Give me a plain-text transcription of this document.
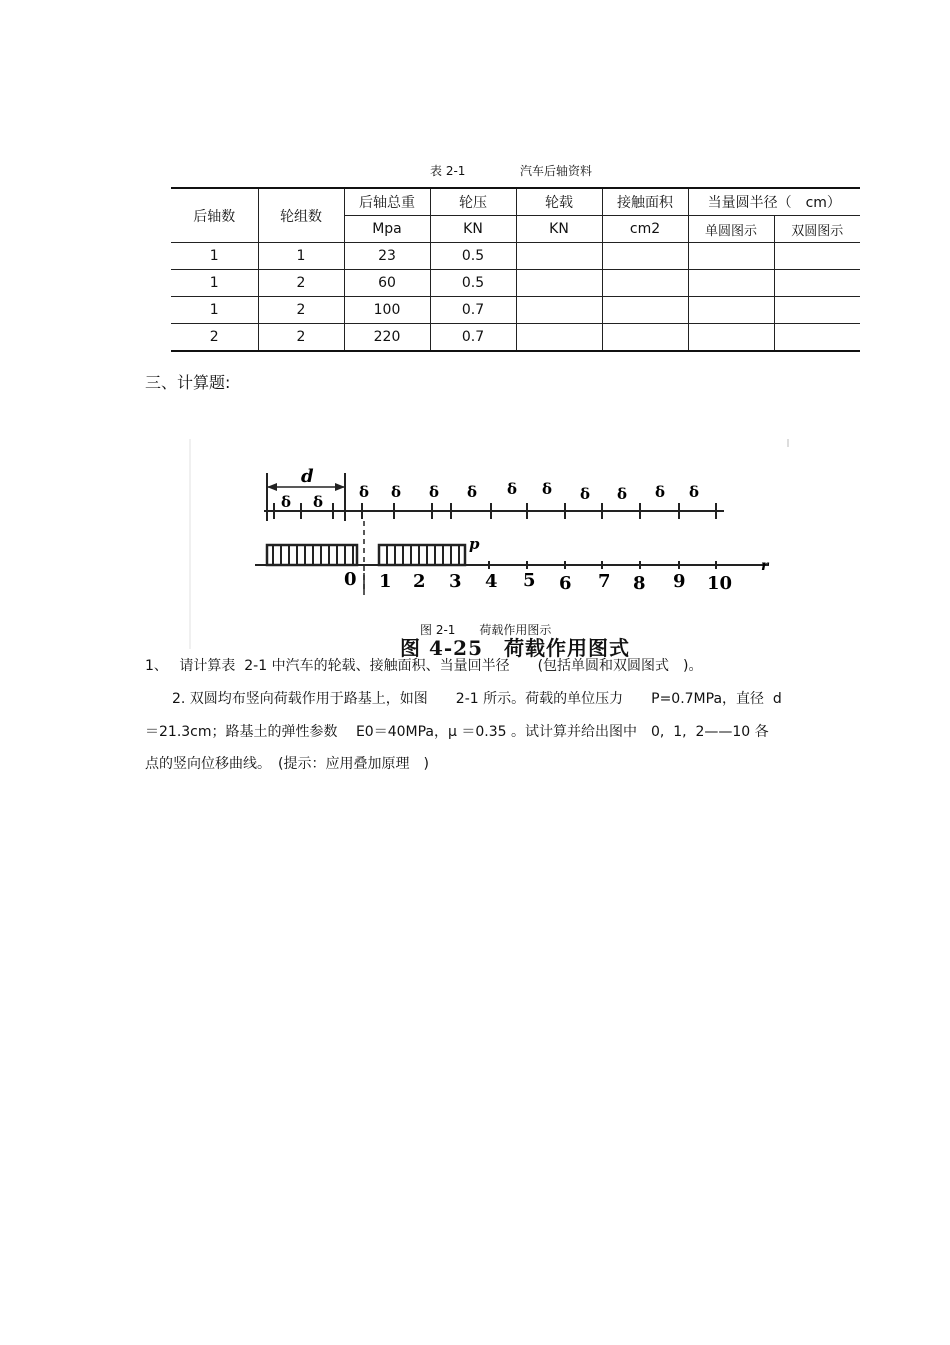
表 2-1	汽车后轴资料
后轴数	轮组数	后轴总重	轮压	轮载	接触面积	当量圆半径（　cm）	
		Mpa	KN	KN	cm2	单圆图示	双圆图示
1	1	23	0.5				
1	2	60	0.5				
1	2	100	0.7				
2	2	220	0.7				
三、计算题:
d
δ δ
δ δ δ δ δ δ δ δ δ δ
p
r
0 1 2 3 4 5 6 7 8 9 10
图 2-1　　荷载作用图示
图 4-25　荷载作用图式
1、　 请计算表  2-1 中汽车的轮载、接触面积、当量回半径　　(包括单圆和双圆图式　)。
2. 双圆均布竖向荷载作用于路基上，如图　　2-1 所示。荷载的单位压力　　P=0.7MPa，直径  d
＝21.3cm；路基土的弹性参数　 E0＝40MPa，μ ＝0.35 。试计算并给出图中　0,  1,  2——10 各
点的竖向位移曲线。　(提示：应用叠加原理　)
